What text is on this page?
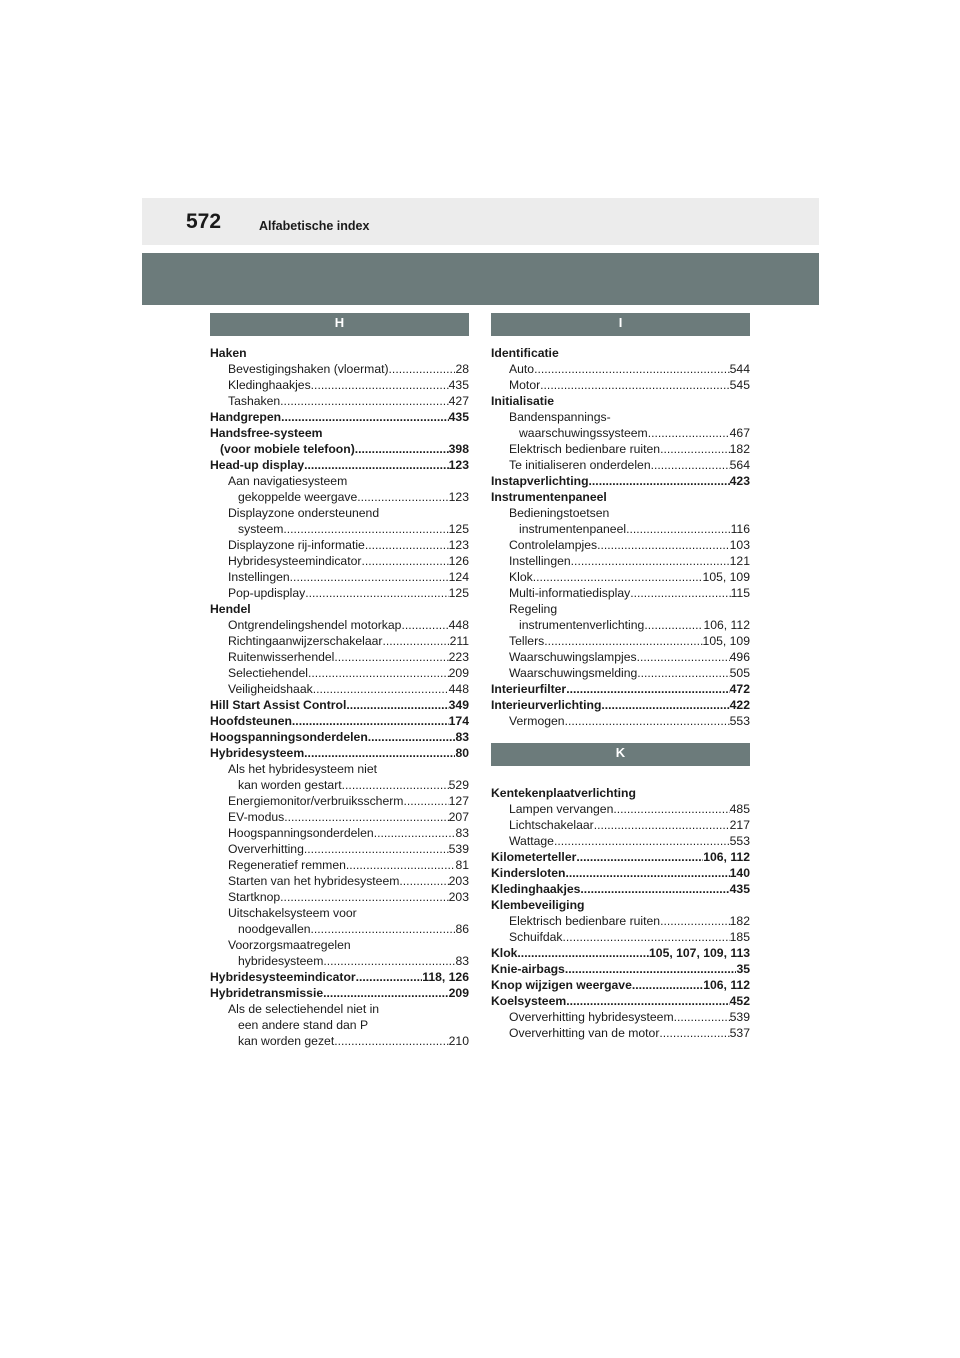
572	Alfabetische index
H
Haken
Bevestigingshaken (vloermat) .....	28
Kledinghaakjes .....	435
Tashaken .....	427
Handgrepen .....	435
Handsfree-systeem
(voor mobiele telefoon) .....	398
Head-up display .....	123
Aan navigatiesysteem
gekoppelde weergave .....	123
Displayzone ondersteunend
systeem .....	125
Displayzone rij-informatie .....	123
Hybridesysteemindicator .....	126
Instellingen .....	124
Pop-updisplay .....	125
Hendel
Ontgrendelingshendel motorkap .....	448
Richtingaanwijzerschakelaar .....	211
Ruitenwisserhendel .....	223
Selectiehendel .....	209
Veiligheidshaak .....	448
Hill Start Assist Control .....	349
Hoofdsteunen .....	174
Hoogspanningsonderdelen .....	83
Hybridesysteem .....	80
Als het hybridesysteem niet
kan worden gestart .....	529
Energiemonitor/verbruiksscherm .....	127
EV-modus .....	207
Hoogspanningsonderdelen .....	83
Oververhitting .....	539
Regeneratief remmen .....	81
Starten van het hybridesysteem .....	203
Startknop .....	203
Uitschakelsysteem voor
noodgevallen .....	86
Voorzorgsmaatregelen
hybridesysteem .....	83
Hybridesysteemindicator .....	118, 126
Hybridetransmissie .....	209
Als de selectiehendel niet in
een andere stand dan P
kan worden gezet .....	210
I
Identificatie
Auto .....	544
Motor .....	545
Initialisatie
Bandenspannings-
waarschuwingssysteem .....	467
Elektrisch bedienbare ruiten .....	182
Te initialiseren onderdelen .....	564
Instapverlichting .....	423
Instrumentenpaneel
Bedieningstoetsen
instrumentenpaneel .....	116
Controlelampjes .....	103
Instellingen .....	121
Klok .....	105, 109
Multi-informatiedisplay .....	115
Regeling
instrumentenverlichting .....	106, 112
Tellers .....	105, 109
Waarschuwingslampjes .....	496
Waarschuwingsmelding .....	505
Interieurfilter .....	472
Interieurverlichting .....	422
Vermogen .....	553
K
Kentekenplaatverlichting
Lampen vervangen .....	485
Lichtschakelaar .....	217
Wattage .....	553
Kilometerteller .....	106, 112
Kindersloten .....	140
Kledinghaakjes .....	435
Klembeveiliging
Elektrisch bedienbare ruiten .....	182
Schuifdak .....	185
Klok .....	105, 107, 109, 113
Knie-airbags .....	35
Knop wijzigen weergave .....	106, 112
Koelsysteem .....	452
Oververhitting hybridesysteem .....	539
Oververhitting van de motor .....	537
